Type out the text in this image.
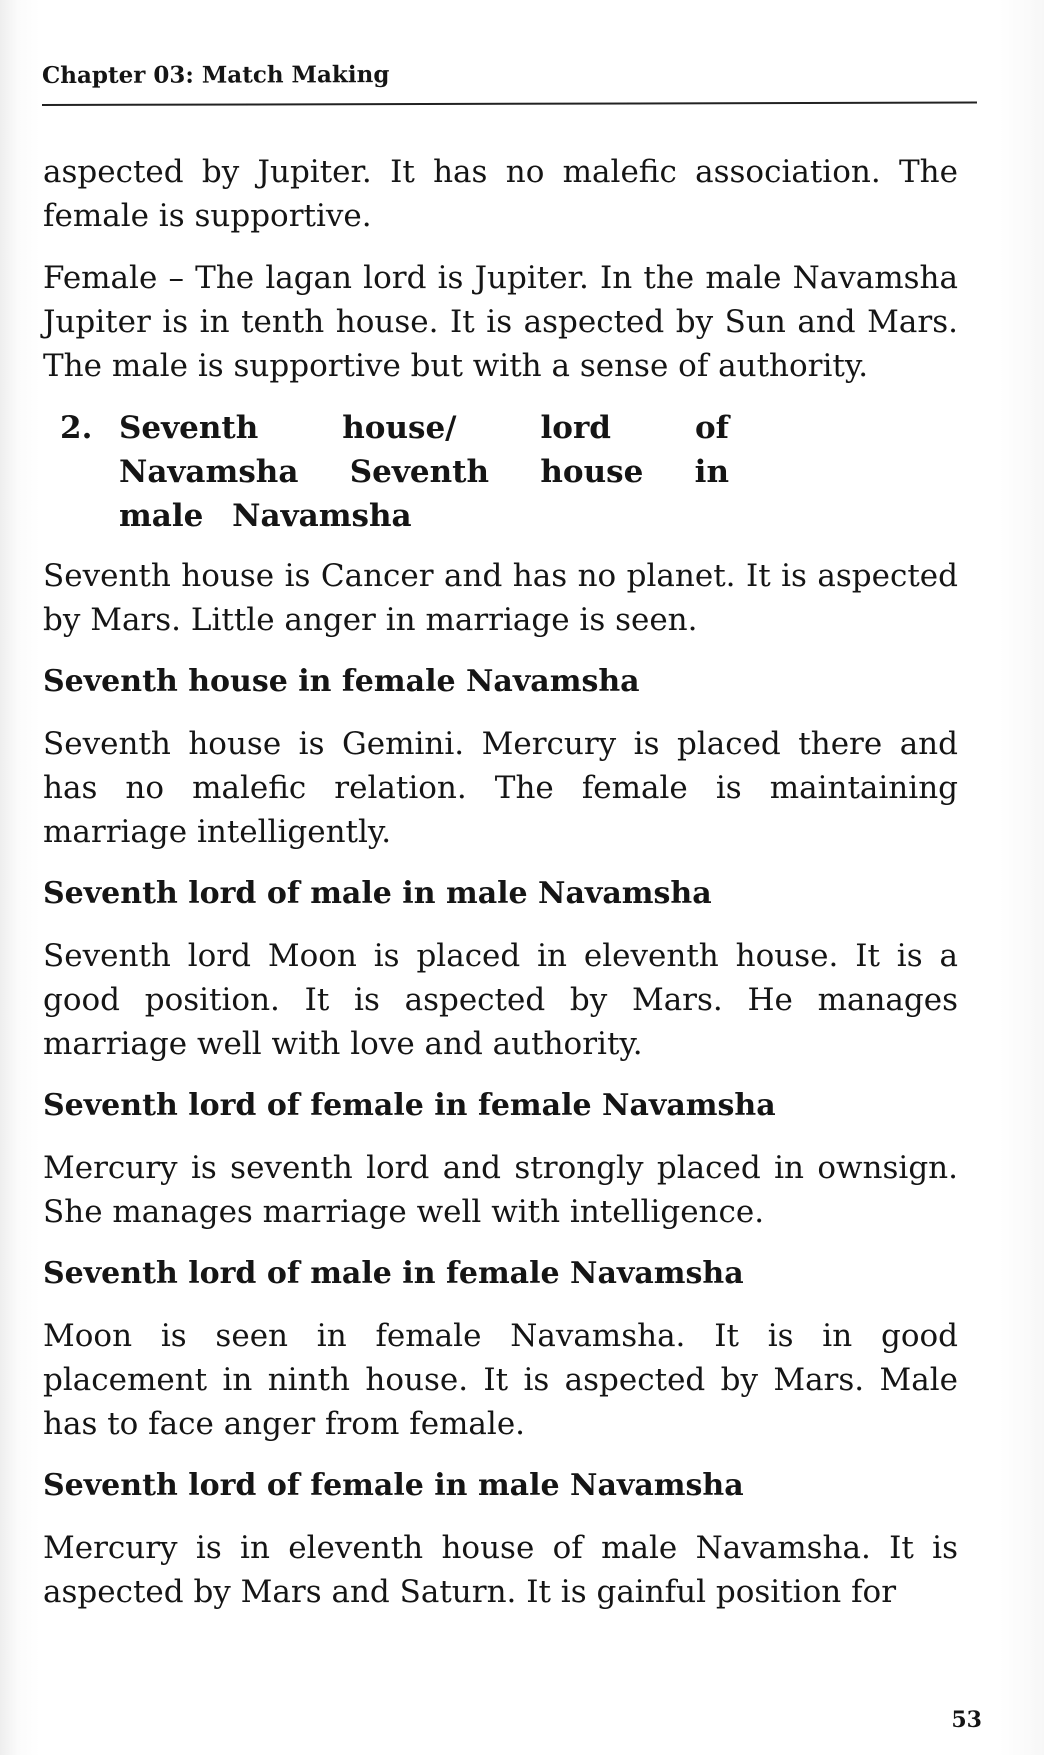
Chapter 03: Match Making

aspected by Jupiter. It has no malefic association. The female is supportive.

Female – The lagan lord is Jupiter. In the male Navamsha Jupiter is in tenth house. It is aspected by Sun and Mars. The male is supportive but with a sense of authority.

2. Seventh house/ lord of Navamsha Seventh house in male Navamsha

Seventh house is Cancer and has no planet. It is aspected by Mars. Little anger in marriage is seen.

Seventh house in female Navamsha

Seventh house is Gemini. Mercury is placed there and has no malefic relation. The female is maintaining marriage intelligently.

Seventh lord of male in male Navamsha

Seventh lord Moon is placed in eleventh house. It is a good position. It is aspected by Mars. He manages marriage well with love and authority.

Seventh lord of female in female Navamsha

Mercury is seventh lord and strongly placed in ownsign. She manages marriage well with intelligence.

Seventh lord of male in female Navamsha

Moon is seen in female Navamsha. It is in good placement in ninth house. It is aspected by Mars. Male has to face anger from female.

Seventh lord of female in male Navamsha

Mercury is in eleventh house of male Navamsha. It is aspected by Mars and Saturn. It is gainful position for

53
